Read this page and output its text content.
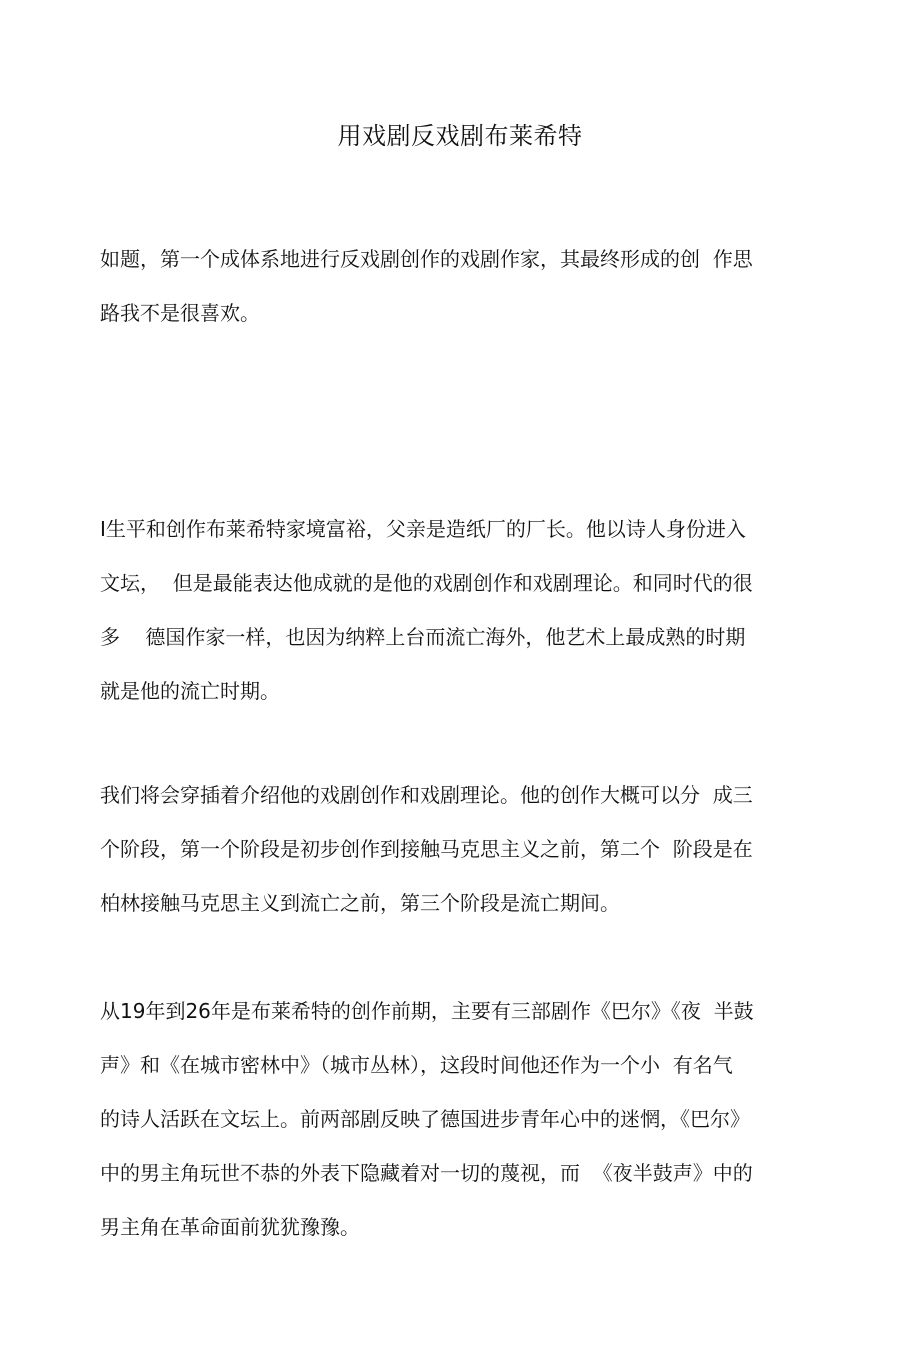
用戏剧反戏剧布莱希特
如题，第一个成体系地进行反戏剧创作的戏剧作家，其最终形成的创  作思
路我不是很喜欢。
I生平和创作布莱希特家境富裕，父亲是造纸厂的厂长。他以诗人身份进入
文坛，  但是最能表达他成就的是他的戏剧创作和戏剧理论。和同时代的很
多    德国作家一样，也因为纳粹上台而流亡海外，他艺术上最成熟的时期
就是他的流亡时期。
我们将会穿插着介绍他的戏剧创作和戏剧理论。他的创作大概可以分  成三
个阶段，第一个阶段是初步创作到接触马克思主义之前，第二个  阶段是在
柏林接触马克思主义到流亡之前，第三个阶段是流亡期间。
从19年到26年是布莱希特的创作前期，主要有三部剧作《巴尔》《夜  半鼓
声》和《在城市密林中》（城市丛林），这段时间他还作为一个小  有名气
的诗人活跃在文坛上。前两部剧反映了德国进步青年心中的迷惘，《巴尔》
中的男主角玩世不恭的外表下隐藏着对一切的蔑视，而  《夜半鼓声》中的
男主角在革命面前犹犹豫豫。
